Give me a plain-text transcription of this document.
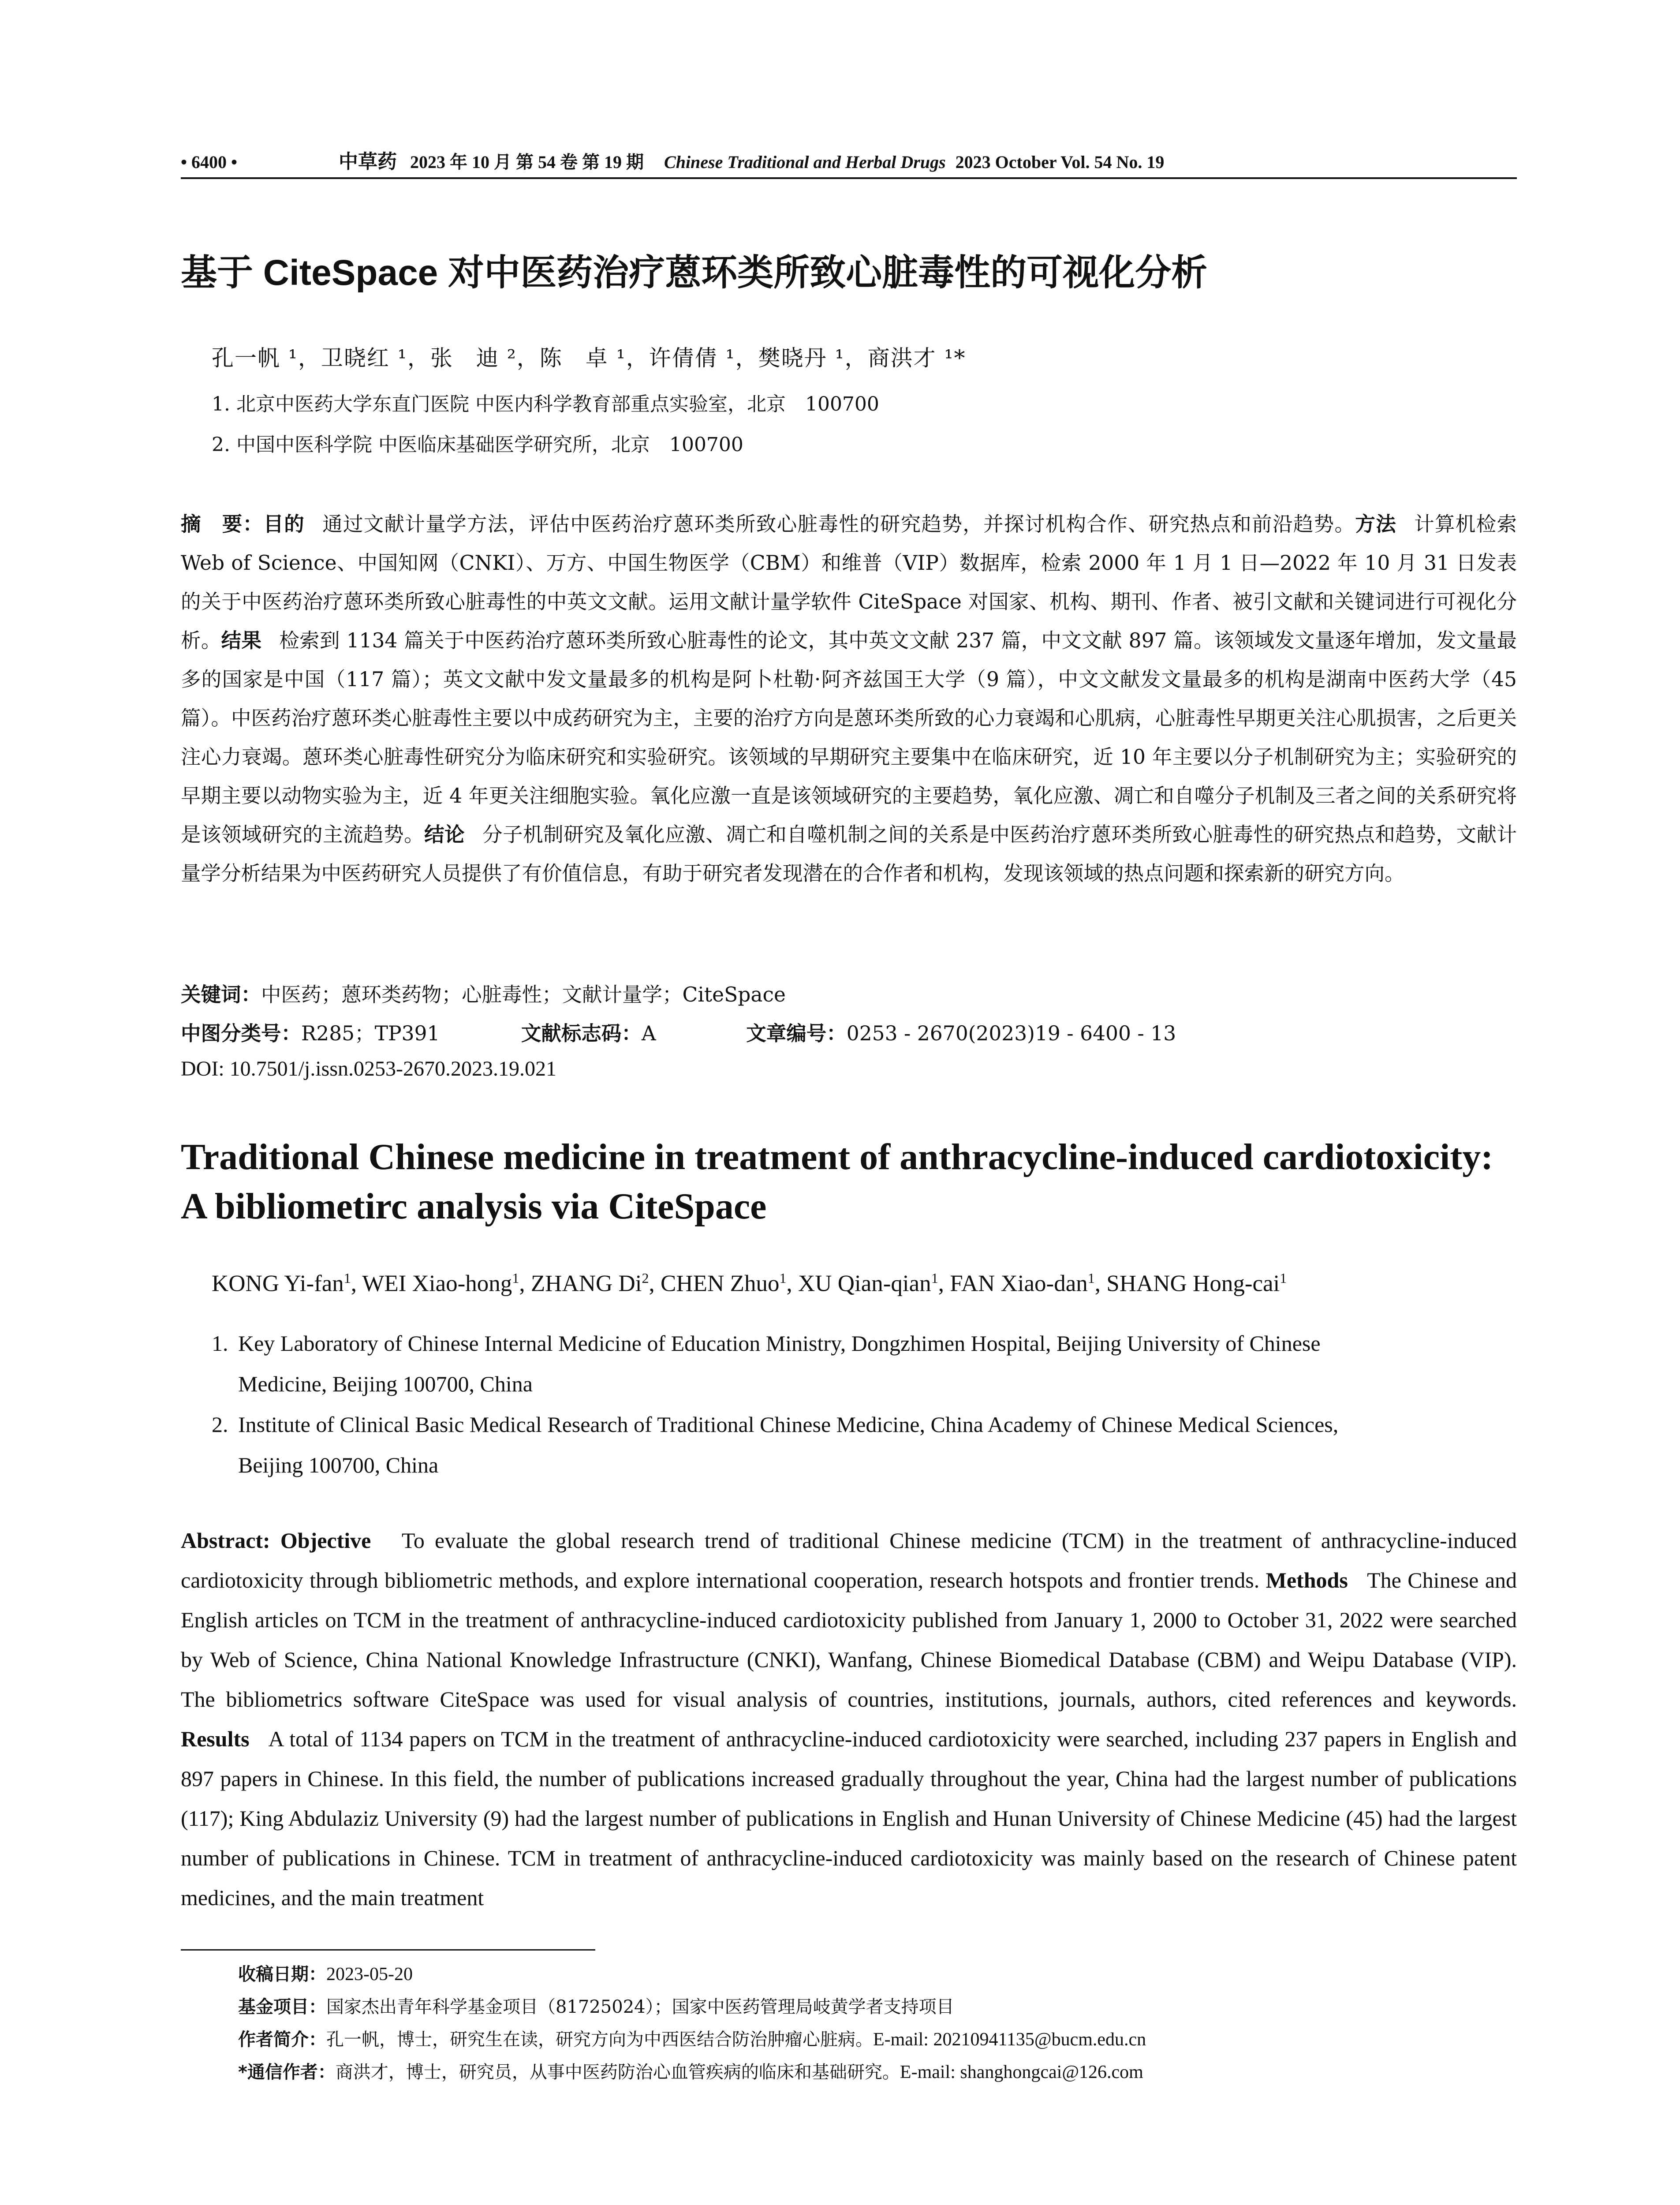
• 6400 •	中草药 2023 年 10 月 第 54 卷 第 19 期 Chinese Traditional and Herbal Drugs 2023 October Vol. 54 No. 19
基于 CiteSpace 对中医药治疗蒽环类所致心脏毒性的可视化分析
孔一帆 ¹，卫晓红 ¹，张　迪 ²，陈　卓 ¹，许倩倩 ¹，樊晓丹 ¹，商洪才 ¹*
1. 北京中医药大学东直门医院 中医内科学教育部重点实验室，北京　100700
2. 中国中医科学院 中医临床基础医学研究所，北京　100700
摘　要：目的 通过文献计量学方法，评估中医药治疗蒽环类所致心脏毒性的研究趋势，并探讨机构合作、研究热点和前沿趋势。方法 计算机检索 Web of Science、中国知网（CNKI）、万方、中国生物医学（CBM）和维普（VIP）数据库，检索 2000 年 1 月 1 日—2022 年 10 月 31 日发表的关于中医药治疗蒽环类所致心脏毒性的中英文文献。运用文献计量学软件 CiteSpace 对国家、机构、期刊、作者、被引文献和关键词进行可视化分析。结果 检索到 1134 篇关于中医药治疗蒽环类所致心脏毒性的论文，其中英文文献 237 篇，中文文献 897 篇。该领域发文量逐年增加，发文量最多的国家是中国（117 篇）；英文文献中发文量最多的机构是阿卜杜勒·阿齐兹国王大学（9 篇），中文文献发文量最多的机构是湖南中医药大学（45 篇）。中医药治疗蒽环类心脏毒性主要以中成药研究为主，主要的治疗方向是蒽环类所致的心力衰竭和心肌病，心脏毒性早期更关注心肌损害，之后更关注心力衰竭。蒽环类心脏毒性研究分为临床研究和实验研究。该领域的早期研究主要集中在临床研究，近 10 年主要以分子机制研究为主；实验研究的早期主要以动物实验为主，近 4 年更关注细胞实验。氧化应激一直是该领域研究的主要趋势，氧化应激、凋亡和自噬分子机制及三者之间的关系研究将是该领域研究的主流趋势。结论 分子机制研究及氧化应激、凋亡和自噬机制之间的关系是中医药治疗蒽环类所致心脏毒性的研究热点和趋势，文献计量学分析结果为中医药研究人员提供了有价值信息，有助于研究者发现潜在的合作者和机构，发现该领域的热点问题和探索新的研究方向。
关键词：中医药；蒽环类药物；心脏毒性；文献计量学；CiteSpace
中图分类号：R285；TP391	文献标志码：A	文章编号：0253 - 2670(2023)19 - 6400 - 13
DOI: 10.7501/j.issn.0253-2670.2023.19.021
Traditional Chinese medicine in treatment of anthracycline-induced cardiotoxicity: A bibliometirc analysis via CiteSpace
KONG Yi-fan$^1$, WEI Xiao-hong$^1$, ZHANG Di$^2$, CHEN Zhuo$^1$, XU Qian-qian$^1$, FAN Xiao-dan$^1$, SHANG Hong-cai$^1$
1. Key Laboratory of Chinese Internal Medicine of Education Ministry, Dongzhimen Hospital, Beijing University of Chinese
Medicine, Beijing 100700, China
2. Institute of Clinical Basic Medical Research of Traditional Chinese Medicine, China Academy of Chinese Medical Sciences,
Beijing 100700, China
Abstract: Objective To evaluate the global research trend of traditional Chinese medicine (TCM) in the treatment of anthracycline-induced cardiotoxicity through bibliometric methods, and explore international cooperation, research hotspots and frontier trends. Methods The Chinese and English articles on TCM in the treatment of anthracycline-induced cardiotoxicity published from January 1, 2000 to October 31, 2022 were searched by Web of Science, China National Knowledge Infrastructure (CNKI), Wanfang, Chinese Biomedical Database (CBM) and Weipu Database (VIP). The bibliometrics software CiteSpace was used for visual analysis of countries, institutions, journals, authors, cited references and keywords. Results A total of 1134 papers on TCM in the treatment of anthracycline-induced cardiotoxicity were searched, including 237 papers in English and 897 papers in Chinese. In this field, the number of publications increased gradually throughout the year, China had the largest number of publications (117); King Abdulaziz University (9) had the largest number of publications in English and Hunan University of Chinese Medicine (45) had the largest number of publications in Chinese. TCM in treatment of anthracycline-induced cardiotoxicity was mainly based on the research of Chinese patent medicines, and the main treatment
收稿日期：2023-05-20
基金项目：国家杰出青年科学基金项目（81725024）；国家中医药管理局岐黄学者支持项目
作者简介：孔一帆，博士，研究生在读，研究方向为中西医结合防治肿瘤心脏病。E-mail: 20210941135@bucm.edu.cn
*通信作者：商洪才，博士，研究员，从事中医药防治心血管疾病的临床和基础研究。E-mail: shanghongcai@126.com
